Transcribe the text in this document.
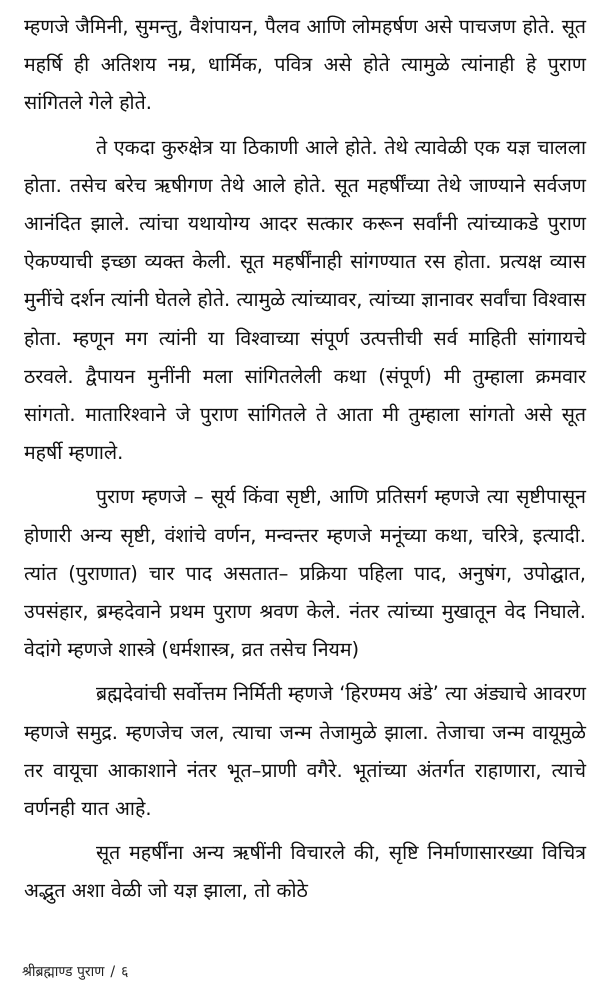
म्हणजे जैमिनी, सुमन्तु, वैशंपायन, पैलव आणि लोमहर्षण असे पाचजण होते. सूत महर्षि ही अतिशय नम्र, धार्मिक, पवित्र असे होते त्यामुळे त्यांनाही हे पुराण सांगितले गेले होते.

ते एकदा कुरुक्षेत्र या ठिकाणी आले होते. तेथे त्यावेळी एक यज्ञ चालला होता. तसेच बरेच ऋषीगण तेथे आले होते. सूत महर्षींच्या तेथे जाण्याने सर्वजण आनंदित झाले. त्यांचा यथायोग्य आदर सत्कार करून सर्वांनी त्यांच्याकडे पुराण ऐकण्याची इच्छा व्यक्त केली. सूत महर्षींनाही सांगण्यात रस होता. प्रत्यक्ष व्यास मुनींचे दर्शन त्यांनी घेतले होते. त्यामुळे त्यांच्यावर, त्यांच्या ज्ञानावर सर्वांचा विश्वास होता. म्हणून मग त्यांनी या विश्वाच्या संपूर्ण उत्पत्तीची सर्व माहिती सांगायचे ठरवले. द्वैपायन मुनींनी मला सांगितलेली कथा (संपूर्ण) मी तुम्हाला क्रमवार सांगतो. मातारिश्वाने जे पुराण सांगितले ते आता मी तुम्हाला सांगतो असे सूत महर्षी म्हणाले.

पुराण म्हणजे – सूर्य किंवा सृष्टी, आणि प्रतिसर्ग म्हणजे त्या सृष्टीपासून होणारी अन्य सृष्टी, वंशांचे वर्णन, मन्वन्तर म्हणजे मनूंच्या कथा, चरित्रे, इत्यादी. त्यांत (पुराणात) चार पाद असतात– प्रक्रिया पहिला पाद, अनुषंग, उपोद्घात, उपसंहार, ब्रम्हदेवाने प्रथम पुराण श्रवण केले. नंतर त्यांच्या मुखातून वेद निघाले. वेदांगे म्हणजे शास्त्रे (धर्मशास्त्र, व्रत तसेच नियम)

ब्रह्मदेवांची सर्वोत्तम निर्मिती म्हणजे ‘हिरण्मय अंडे’ त्या अंड्याचे आवरण म्हणजे समुद्र. म्हणजेच जल, त्याचा जन्म तेजामुळे झाला. तेजाचा जन्म वायूमुळे तर वायूचा आकाशाने नंतर भूत–प्राणी वगैरे. भूतांच्या अंतर्गत राहाणारा, त्याचे वर्णनही यात आहे.

सूत महर्षींना अन्य ऋषींनी विचारले की, सृष्टि निर्माणासारख्या विचित्र अद्भुत अशा वेळी जो यज्ञ झाला, तो कोठे

श्रीब्रह्माण्ड पुराण / ६
